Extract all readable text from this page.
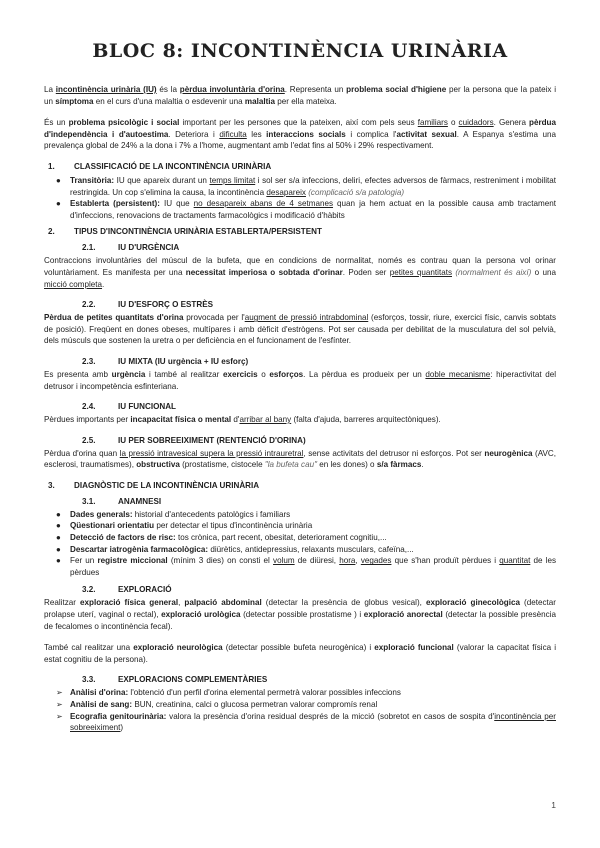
BLOC 8: INCONTINÈNCIA URINÀRIA

La incontinència urinària (IU) és la pèrdua involuntària d'orina. Representa un problema social d'higiene per la persona que la pateix i un símptoma en el curs d'una malaltia o esdevenir una malaltia per ella mateixa.

És un problema psicològic i social important per les persones que la pateixen, així com pels seus familiars o cuidadors. Genera pèrdua d'independència i d'autoestima. Deteriora i dificulta les interaccions socials i complica l'activitat sexual. A Espanya s'estima una prevalença global de 24% a la dona i 7% a l'home, augmentant amb l'edat fins al 50% i 29% respectivament.

1.	CLASSIFICACIÓ DE LA INCONTINÈNCIA URINÀRIA
● Transitòria: IU que apareix durant un temps limitat i sol ser s/a infeccions, deliri, efectes adversos de fàrmacs, restreniment i mobilitat restringida. Un cop s'elimina la causa, la incontinència desapareix (complicació s/a patologia)
● Establerta (persistent): IU que no desapareix abans de 4 setmanes quan ja hem actuat en la possible causa amb tractament d'infeccions, renovacions de tractaments farmacològics i modificació d'hàbits
2.	TIPUS D'INCONTINÈNCIA URINÀRIA ESTABLERTA/PERSISTENT
2.1.	IU D'URGÈNCIA

Contraccions involuntàries del múscul de la bufeta, que en condicions de normalitat, només es contrau quan la persona vol orinar voluntàriament. Es manifesta per una necessitat imperiosa o sobtada d'orinar. Poden ser petites quantitats (normalment és així) o una micció completa.

2.2.	IU D'ESFORÇ O ESTRÈS

Pèrdua de petites quantitats d'orina provocada per l'augment de pressió intrabdominal (esforços, tossir, riure, exercici físic, canvis sobtats de posició). Freqüent en dones obeses, multípares i amb dèficit d'estrògens. Pot ser causada per debilitat de la musculatura del sol pelvià, dels músculs que sostenen la uretra o per deficiència en el funcionament de l'esfínter.

2.3.	IU MIXTA (IU urgència + IU esforç)

Es presenta amb urgència i també al realitzar exercicis o esforços. La pèrdua es produeix per un doble mecanisme: hiperactivitat del detrusor i incompetència esfinteriana.

2.4.	IU FUNCIONAL

Pèrdues importants per incapacitat física o mental d'arribar al bany (falta d'ajuda, barreres arquitectòniques).

2.5.	IU PER SOBREEIXIMENT (RENTENCIÓ D'ORINA)

Pèrdua d'orina quan la pressió intravesical supera la pressió intrauretral, sense activitats del detrusor ni esforços. Pot ser neurogènica (AVC, esclerosi, traumatismes), obstructiva (prostatisme, cistocele "la bufeta cau" en les dones) o s/a fàrmacs.

3.	DIAGNÒSTIC DE LA INCONTINÈNCIA URINÀRIA
3.1.	ANAMNESI
● Dades generals: historial d'antecedents patològics i familiars
● Qüestionari orientatiu per detectar el tipus d'incontinència urinària
● Detecció de factors de risc: tos crònica, part recent, obesitat, deteriorament cognitiu,...
● Descartar iatrogènia farmacològica: diürètics, antidepressius, relaxants musculars, cafeïna,...
● Fer un registre miccional (mínim 3 dies) on consti el volum de diüresi, hora, vegades que s'han produït pèrdues i quantitat de les pèrdues
3.2.	EXPLORACIÓ

Realitzar exploració física general, palpació abdominal (detectar la presència de globus vesical), exploració ginecològica (detectar prolapse uterí, vaginal o rectal), exploració urològica (detectar possible prostatisme ) i exploració anorectal (detectar la possible presència de fecalomes o incontinència fecal).

També cal realitzar una exploració neurològica (detectar possible bufeta neurogènica) i exploració funcional (valorar la capacitat física i estat cognitiu de la persona).

3.3.	EXPLORACIONS COMPLEMENTÀRIES
➢ Anàlisi d'orina: l'obtenció d'un perfil d'orina elemental permetrà valorar possibles infeccions
➢ Anàlisi de sang: BUN, creatinina, calci o glucosa permetran valorar compromís renal
➢ Ecografia genitourinària: valora la presència d'orina residual després de la micció (sobretot en casos de sospita d'incontinència per sobreeiximent)
1
